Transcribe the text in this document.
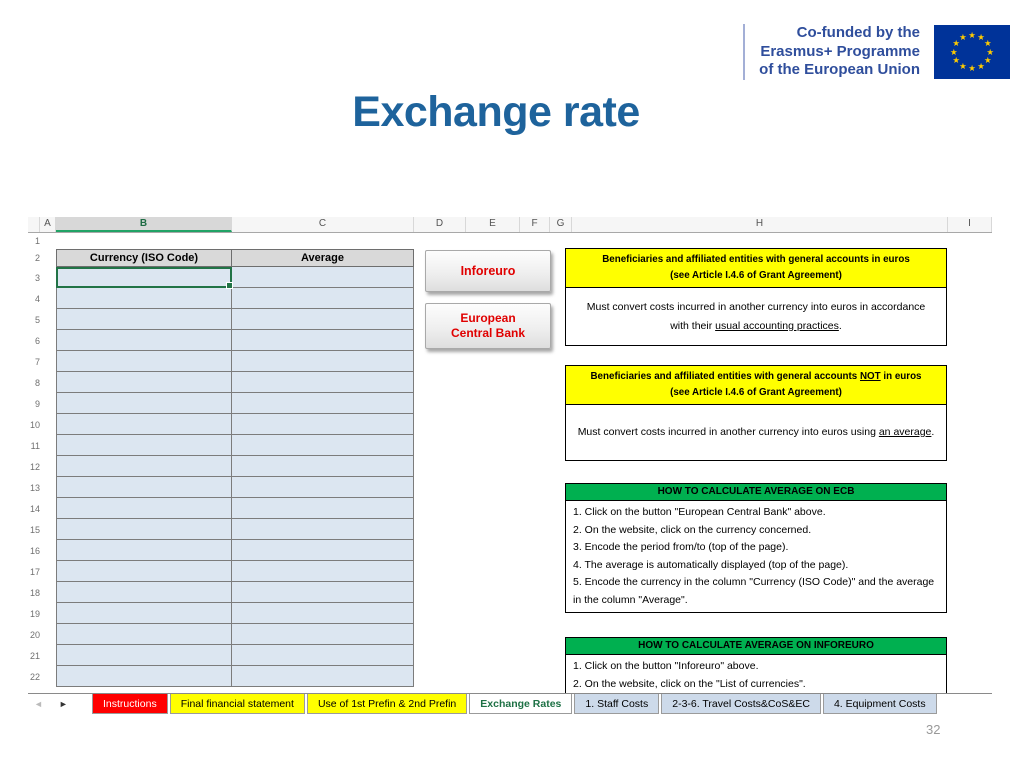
Co-funded by the
Erasmus+ Programme
of the European Union
★ ★
★
★
★
★
★
★
★
★
★
★
Exchange rate
A	B	C	D	E	F	G	H	I
1
2	Currency (ISO Code)	Average
3
4
5
6
7
8
9
10
11
12
13
14
15
16
17
18
19
20
21
22
Inforeuro
European
Central Bank
Beneficiaries and affiliated entities with general accounts in euros
(see Article I.4.6 of Grant Agreement)
Must convert costs incurred in another currency into euros in accordance with their usual accounting practices.
Beneficiaries and affiliated entities with general accounts NOT in euros
(see Article I.4.6 of Grant Agreement)
Must convert costs incurred in another currency into euros using an average.
HOW TO CALCULATE AVERAGE ON ECB
1. Click on the button "European Central Bank" above.
2. On the website, click on the currency concerned.
3. Encode the period from/to (top of the page).
4. The average is automatically displayed (top of the page).
5. Encode the currency in the column "Currency (ISO Code)" and the average in the column "Average".
HOW TO CALCULATE AVERAGE ON INFOREURO
1. Click on the button "Inforeuro" above.
2. On the website, click on the "List of currencies".
◄ ►	Instructions	Final financial statement	Use of 1st Prefin & 2nd Prefin	Exchange Rates	1. Staff Costs	2-3-6. Travel Costs&CoS&EC	4. Equipment Costs
32
